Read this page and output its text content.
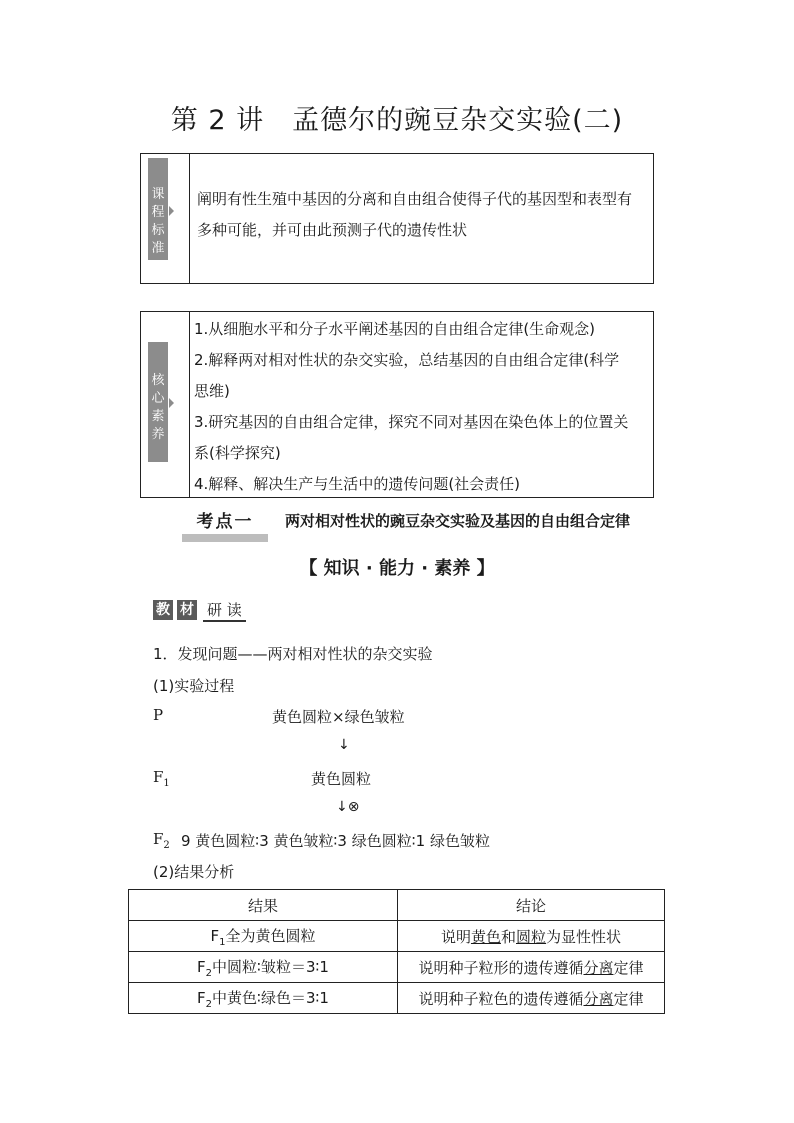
第 2 讲　孟德尔的豌豆杂交实验(二)
课
程
标
准
阐明有性生殖中基因的分离和自由组合使得子代的基因型和表型有多种可能，并可由此预测子代的遗传性状
核
心
素
养
1.从细胞水平和分子水平阐述基因的自由组合定律(生命观念)
2.解释两对相对性状的杂交实验，总结基因的自由组合定律(科学
思维)
3.研究基因的自由组合定律，探究不同对基因在染色体上的位置关
系(科学探究)
4.解释、解决生产与生活中的遗传问题(社会责任)
考点一	两对相对性状的豌豆杂交实验及基因的自由组合定律
【 知识 · 能力 · 素养 】
教 材 研 读
1．发现问题——两对相对性状的杂交实验
(1)实验过程
P	黄色圆粒×绿色皱粒
↓
$F_1$	黄色圆粒
↓⊗
$F_2$ 9 黄色圆粒∶3 黄色皱粒∶3 绿色圆粒∶1 绿色皱粒
(2)结果分析
结果	结论
$F_1$全为黄色圆粒	说明黄色和圆粒为显性性状
$F_2$中圆粒∶皱粒＝3∶1	说明种子粒形的遗传遵循分离定律
$F_2$中黄色∶绿色＝3∶1	说明种子粒色的遗传遵循分离定律
